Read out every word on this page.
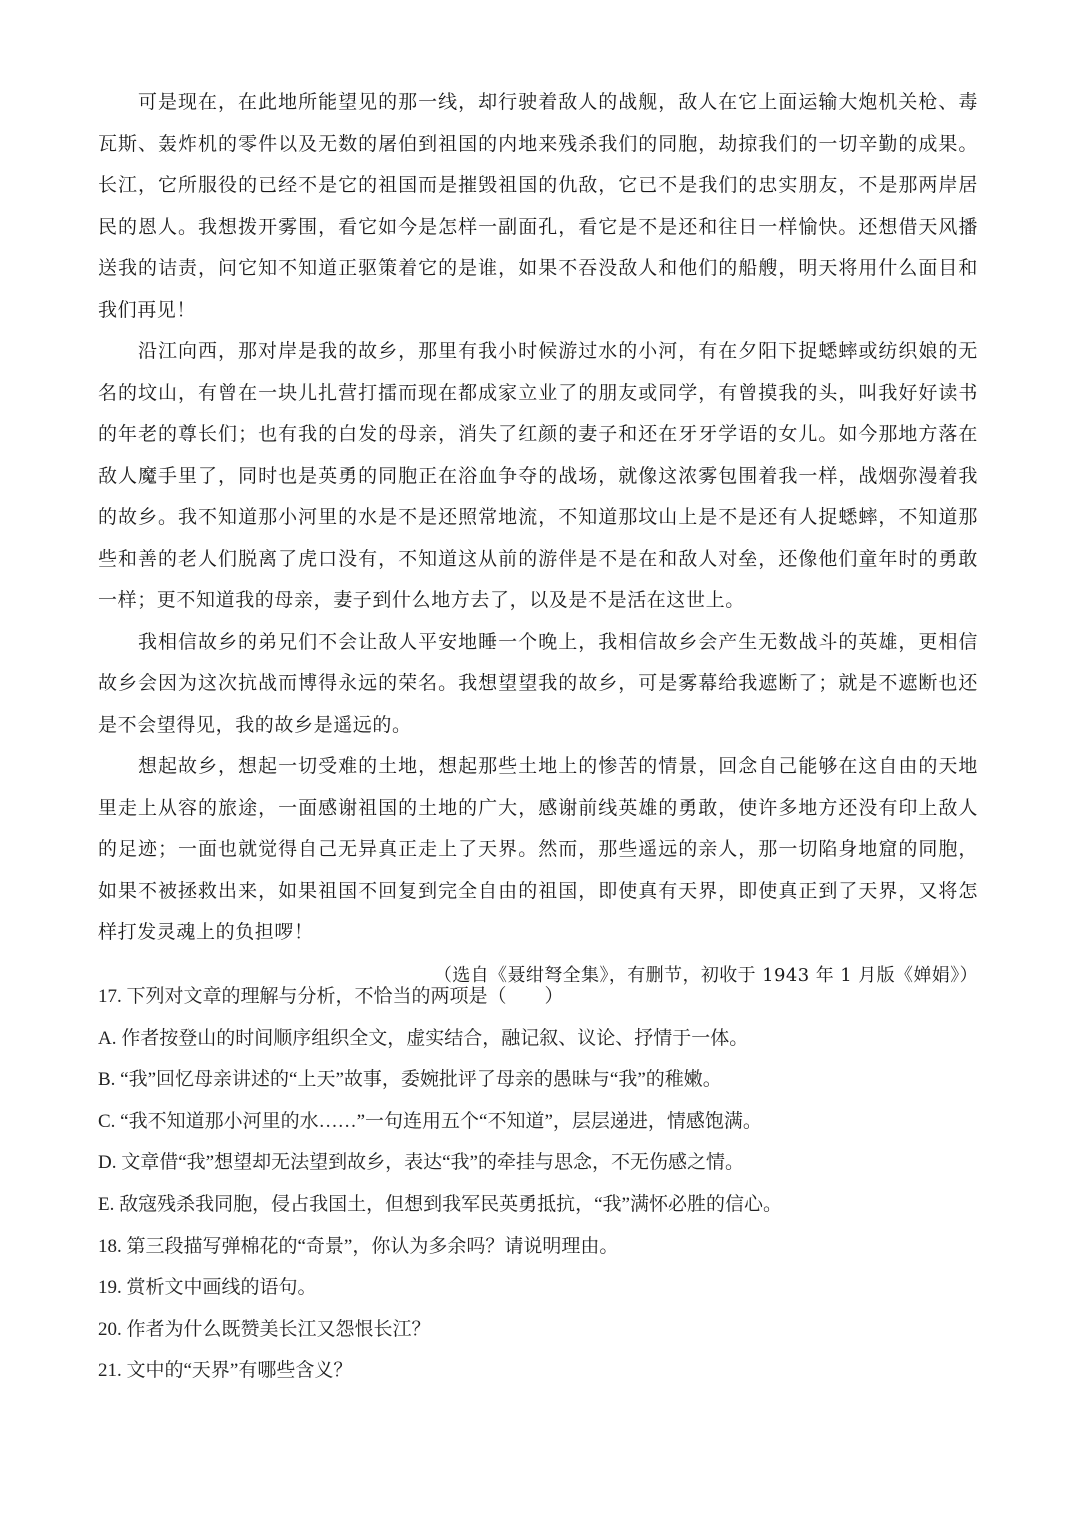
可是现在，在此地所能望见的那一线，却行驶着敌人的战舰，敌人在它上面运输大炮机关枪、毒瓦斯、轰炸机的零件以及无数的屠伯到祖国的内地来残杀我们的同胞，劫掠我们的一切辛勤的成果。长江，它所服役的已经不是它的祖国而是摧毁祖国的仇敌，它已不是我们的忠实朋友，不是那两岸居民的恩人。我想拨开雾围，看它如今是怎样一副面孔，看它是不是还和往日一样愉快。还想借天风播送我的诘责，问它知不知道正驱策着它的是谁，如果不吞没敌人和他们的船艘，明天将用什么面目和我们再见！

沿江向西，那对岸是我的故乡，那里有我小时候游过水的小河，有在夕阳下捉蟋蟀或纺织娘的无名的坟山，有曾在一块儿扎营打擂而现在都成家立业了的朋友或同学，有曾摸我的头，叫我好好读书的年老的尊长们；也有我的白发的母亲，消失了红颜的妻子和还在牙牙学语的女儿。如今那地方落在敌人魔手里了，同时也是英勇的同胞正在浴血争夺的战场，就像这浓雾包围着我一样，战烟弥漫着我的故乡。我不知道那小河里的水是不是还照常地流，不知道那坟山上是不是还有人捉蟋蟀，不知道那些和善的老人们脱离了虎口没有，不知道这从前的游伴是不是在和敌人对垒，还像他们童年时的勇敢一样；更不知道我的母亲，妻子到什么地方去了，以及是不是活在这世上。

我相信故乡的弟兄们不会让敌人平安地睡一个晚上，我相信故乡会产生无数战斗的英雄，更相信故乡会因为这次抗战而博得永远的荣名。我想望望我的故乡，可是雾幕给我遮断了；就是不遮断也还是不会望得见，我的故乡是遥远的。

想起故乡，想起一切受难的土地，想起那些土地上的惨苦的情景，回念自己能够在这自由的天地里走上从容的旅途，一面感谢祖国的土地的广大，感谢前线英雄的勇敢，使许多地方还没有印上敌人的足迹；一面也就觉得自己无异真正走上了天界。然而，那些遥远的亲人，那一切陷身地窟的同胞，如果不被拯救出来，如果祖国不回复到完全自由的祖国，即使真有天界，即使真正到了天界，又将怎样打发灵魂上的负担啰！

（选自《聂绀弩全集》，有删节，初收于 1943 年 1 月版《婵娟》）

17. 下列对文章的理解与分析，不恰当的两项是（　　）

A. 作者按登山的时间顺序组织全文，虚实结合，融记叙、议论、抒情于一体。

B. “我”回忆母亲讲述的“上天”故事，委婉批评了母亲的愚昧与“我”的稚嫩。

C. “我不知道那小河里的水……”一句连用五个“不知道”，层层递进，情感饱满。

D. 文章借“我”想望却无法望到故乡，表达“我”的牵挂与思念，不无伤感之情。

E. 敌寇残杀我同胞，侵占我国土，但想到我军民英勇抵抗，“我”满怀必胜的信心。

18. 第三段描写弹棉花的“奇景”，你认为多余吗？请说明理由。

19. 赏析文中画线的语句。

20. 作者为什么既赞美长江又怨恨长江？

21. 文中的“天界”有哪些含义？
